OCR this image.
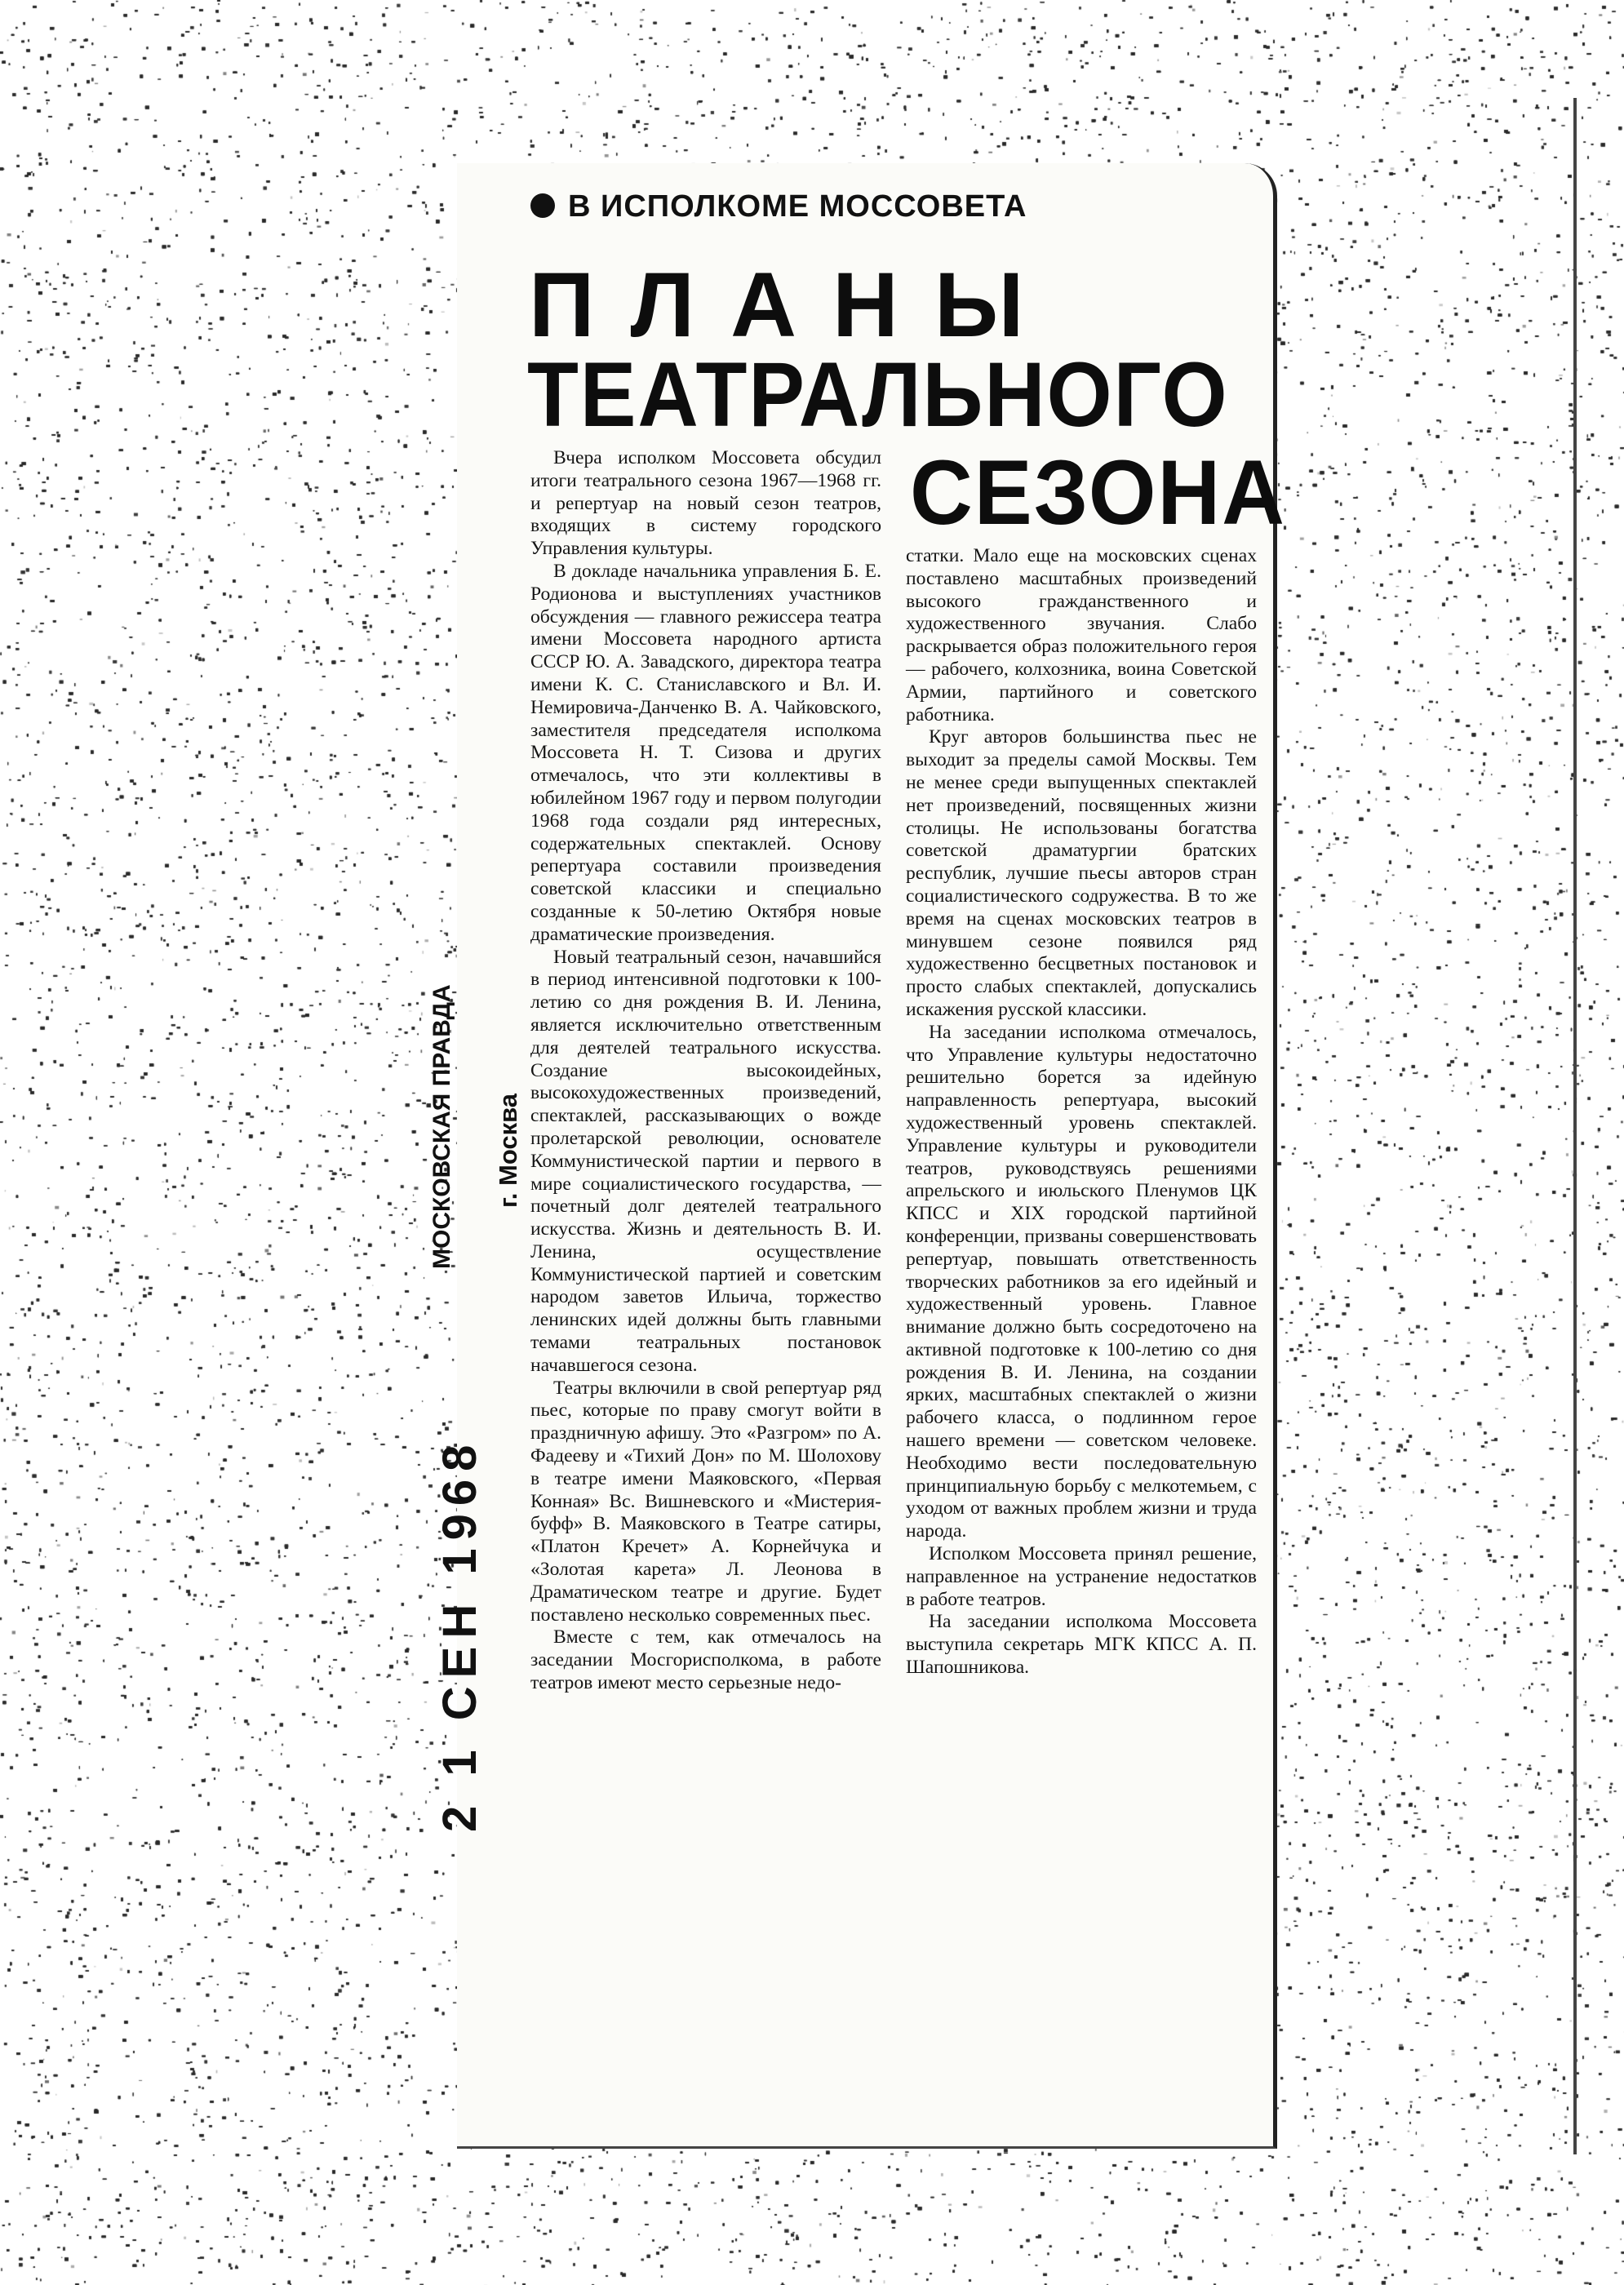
В ИСПОЛКОМЕ МОССОВЕТА
ПЛАНЫ
ТЕАТРАЛЬНОГО
СЕЗОНА

Вчера исполком Моссовета обсудил итоги театрального сезона 1967—1968 гг. и репертуар на новый сезон театров, входящих в систему городского Управления культуры.

В докладе начальника управления Б. Е. Родионова и выступлениях участников обсуждения — главного режиссера театра имени Моссовета народного артиста СССР Ю. А. Завадского, директора театра имени К. С. Станиславского и Вл. И. Немировича-Данченко В. А. Чайковского, заместителя председателя исполкома Моссовета Н. Т. Сизова и других отмечалось, что эти коллективы в юбилейном 1967 году и первом полугодии 1968 года создали ряд интересных, содержательных спектаклей. Основу репертуара составили произведения советской классики и специально созданные к 50-летию Октября новые драматические произведения.

Новый театральный сезон, начавшийся в период интенсивной подготовки к 100-летию со дня рождения В. И. Ленина, является исключительно ответственным для деятелей театрального искусства. Создание высокоидейных, высокохудожественных произведений, спектаклей, рассказывающих о вожде пролетарской революции, основателе Коммунистической партии и первого в мире социалистического государства, — почетный долг деятелей театрального искусства. Жизнь и деятельность В. И. Ленина, осуществление Коммунистической партией и советским народом заветов Ильича, торжество ленинских идей должны быть главными темами театральных постановок начавшегося сезона.

Театры включили в свой репертуар ряд пьес, которые по праву смогут войти в праздничную афишу. Это «Разгром» по А. Фадееву и «Тихий Дон» по М. Шолохову в театре имени Маяковского, «Первая Конная» Вс. Вишневского и «Мистерия-буфф» В. Маяковского в Театре сатиры, «Платон Кречет» А. Корнейчука и «Золотая карета» Л. Леонова в Драматическом театре и другие. Будет поставлено несколько современных пьес.

Вместе с тем, как отмечалось на заседании Мосгорисполкома, в работе театров имеют место серьезные недо-

статки. Мало еще на московских сценах поставлено масштабных произведений высокого гражданственного и художественного звучания. Слабо раскрывается образ положительного героя — рабочего, колхозника, воина Советской Армии, партийного и советского работника.

Круг авторов большинства пьес не выходит за пределы самой Москвы. Тем не менее среди выпущенных спектаклей нет произведений, посвященных жизни столицы. Не использованы богатства советской драматургии братских республик, лучшие пьесы авторов стран социалистического содружества. В то же время на сценах московских театров в минувшем сезоне появился ряд художественно бесцветных постановок и просто слабых спектаклей, допускались искажения русской классики.

На заседании исполкома отмечалось, что Управление культуры недостаточно решительно борется за идейную направленность репертуара, высокий художественный уровень спектаклей. Управление культуры и руководители театров, руководствуясь решениями апрельского и июльского Пленумов ЦК КПСС и XIX городской партийной конференции, призваны совершенствовать репертуар, повышать ответственность творческих работников за его идейный и художественный уровень. Главное внимание должно быть сосредоточено на активной подготовке к 100-летию со дня рождения В. И. Ленина, на создании ярких, масштабных спектаклей о жизни рабочего класса, о подлинном герое нашего времени — советском человеке. Необходимо вести последовательную принципиальную борьбу с мелкотемьем, с уходом от важных проблем жизни и труда народа.

Исполком Моссовета принял решение, направленное на устранение недостатков в работе театров.

На заседании исполкома Моссовета выступила секретарь МГК КПСС А. П. Шапошникова.

МОСКОВСКАЯ ПРАВДА г. Москва
2 1 СЕН 1968
